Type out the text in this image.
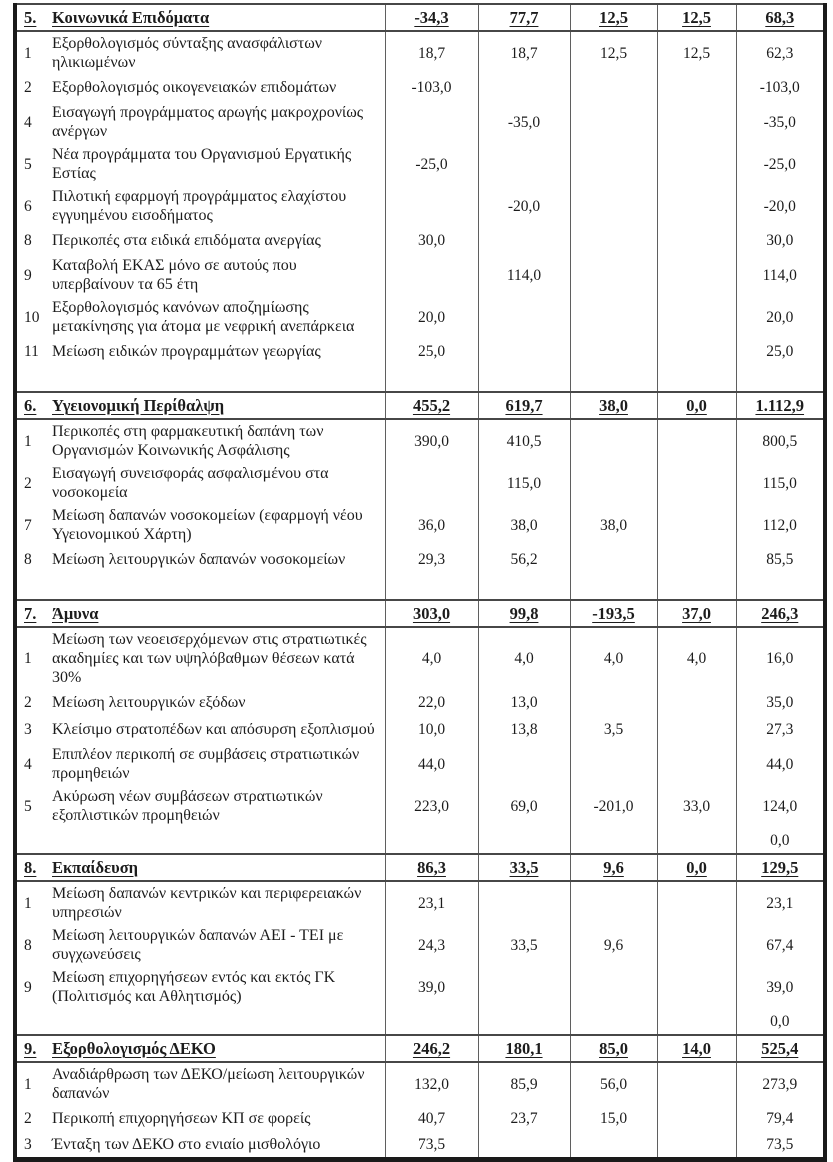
5.	Κοινωνικά Επιδόματα	-34,3	77,7	12,5	12,5	68,3
1	Εξορθολογισμός σύνταξης ανασφάλιστων ηλικιωμένων	18,7	18,7	12,5	12,5	62,3
2	Εξορθολογισμός οικογενειακών επιδομάτων	-103,0				-103,0
4	Εισαγωγή προγράμματος αρωγής μακροχρονίως ανέργων		-35,0			-35,0
5	Νέα προγράμματα του Οργανισμού Εργατικής Εστίας	-25,0				-25,0
6	Πιλοτική εφαρμογή προγράμματος ελαχίστου εγγυημένου εισοδήματος		-20,0			-20,0
8	Περικοπές στα ειδικά επιδόματα ανεργίας	30,0				30,0
9	Καταβολή ΕΚΑΣ μόνο σε αυτούς που υπερβαίνουν τα 65 έτη		114,0			114,0
10	Εξορθολογισμός κανόνων αποζημίωσης μετακίνησης για άτομα με νεφρική ανεπάρκεια	20,0				20,0
11	Μείωση ειδικών προγραμμάτων γεωργίας	25,0				25,0

6.	Υγειονομική Περίθαλψη	455,2	619,7	38,0	0,0	1.112,9
1	Περικοπές στη φαρμακευτική δαπάνη των Οργανισμών Κοινωνικής Ασφάλισης	390,0	410,5			800,5
2	Εισαγωγή συνεισφοράς ασφαλισμένου στα νοσοκομεία		115,0			115,0
7	Μείωση δαπανών νοσοκομείων (εφαρμογή νέου Υγειονομικού Χάρτη)	36,0	38,0	38,0		112,0
8	Μείωση λειτουργικών δαπανών νοσοκομείων	29,3	56,2			85,5

7.	Άμυνα	303,0	99,8	-193,5	37,0	246,3
1	Μείωση των νεοεισερχόμενων στις στρατιωτικές ακαδημίες και των υψηλόβαθμων θέσεων κατά 30%	4,0	4,0	4,0	4,0	16,0
2	Μείωση λειτουργικών εξόδων	22,0	13,0			35,0
3	Κλείσιμο στρατοπέδων και απόσυρση εξοπλισμού	10,0	13,8	3,5		27,3
4	Επιπλέον περικοπή σε συμβάσεις στρατιωτικών προμηθειών	44,0				44,0
5	Ακύρωση νέων συμβάσεων στρατιωτικών εξοπλιστικών προμηθειών	223,0	69,0	-201,0	33,0	124,0
						0,0
8.	Εκπαίδευση	86,3	33,5	9,6	0,0	129,5
1	Μείωση δαπανών κεντρικών και περιφερειακών υπηρεσιών	23,1				23,1
8	Μείωση λειτουργικών δαπανών ΑΕΙ - ΤΕΙ με συγχωνεύσεις	24,3	33,5	9,6		67,4
9	Μείωση επιχορηγήσεων εντός και εκτός ΓΚ (Πολιτισμός και Αθλητισμός)	39,0				39,0
						0,0
9.	Εξορθολογισμός ΔΕΚΟ	246,2	180,1	85,0	14,0	525,4
1	Αναδιάρθρωση των ΔΕΚΟ/μείωση λειτουργικών δαπανών	132,0	85,9	56,0		273,9
2	Περικοπή επιχορηγήσεων ΚΠ σε φορείς	40,7	23,7	15,0		79,4
3	Ένταξη των ΔΕΚΟ στο ενιαίο μισθολόγιο	73,5				73,5
